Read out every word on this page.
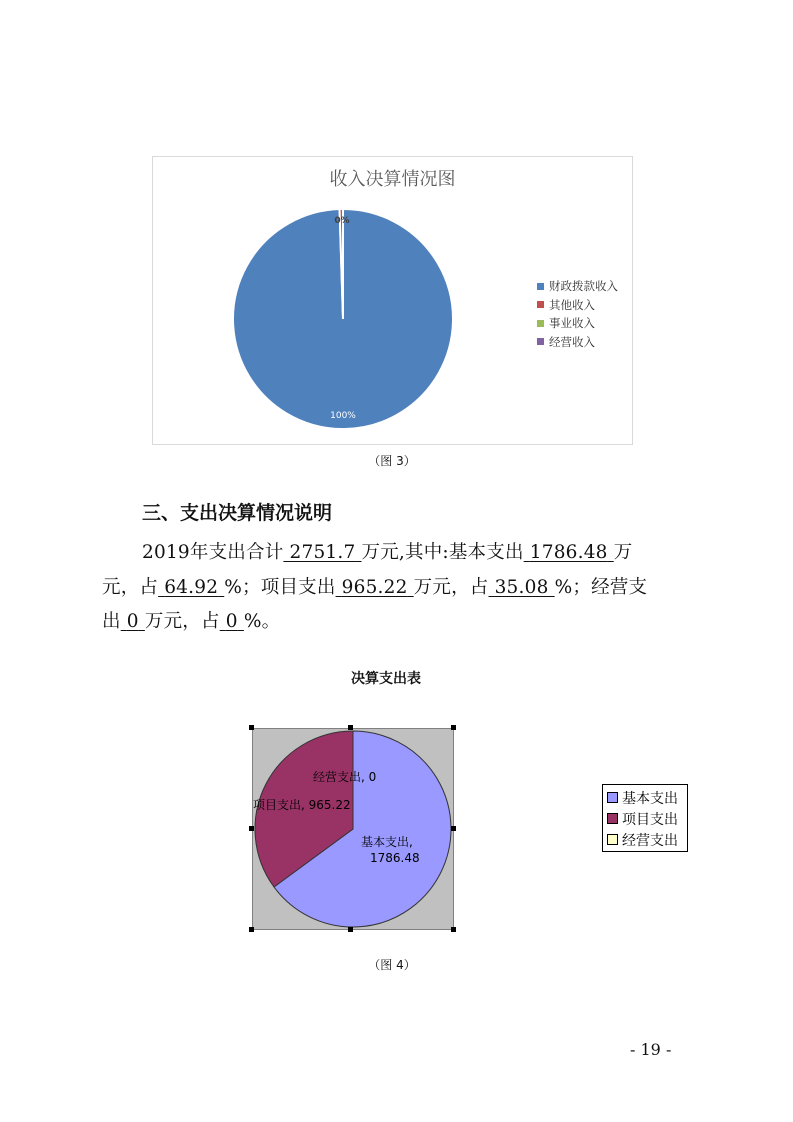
收入决算情况图
100%
0%
财政拨款收入
其他收入
事业收入
经营收入
（图 3）
三、支出决算情况说明
2019年支出合计 2751.7 万元,其中:基本支出 1786.48 万
元，占 64.92 %；项目支出 965.22 万元，占 35.08 %；经营支
出 0 万元，占 0 %。
决算支出表
经营支出, 0
项目支出, 965.22
基本支出,
1786.48
基本支出
项目支出
经营支出
（图 4）
- 19 -
